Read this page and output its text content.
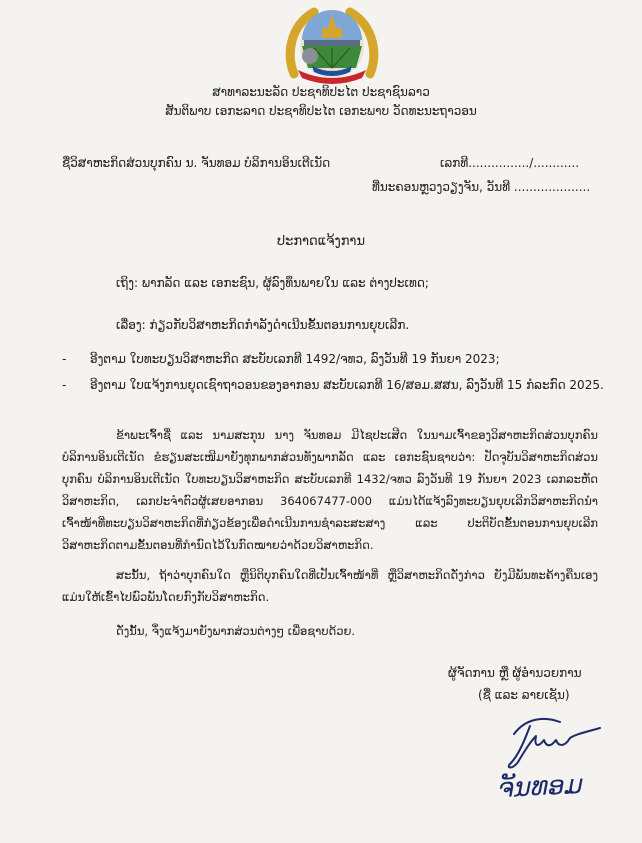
ສາທາລະນະລັດ ປະຊາທິປະໄຕ ປະຊາຊົນລາວ
ສັນຕິພາບ ເອກະລາດ ປະຊາທິປະໄຕ ເອກະພາບ ວັດທະນະຖາວອນ
ຊື່ວິສາຫະກິດສ່ວນບຸກຄົນ ນ. ຈັນທອມ ບໍລິການອິນເຕີເນັດ	ເລກທີ................/............
ທີ່ນະຄອນຫຼວງວຽງຈັນ, ວັນທີ ....................
ປະກາດແຈ້ງການ
ເຖິງ: ພາກລັດ ແລະ ເອກະຊົນ, ຜູ້ລົງທຶນພາຍໃນ ແລະ ຕ່າງປະເທດ;
ເລື່ອງ: ກ່ຽວກັບວິສາຫະກິດກຳລັງດຳເນີນຂັ້ນຕອນການຍຸບເລີກ.
- ອີງຕາມ ໃບທະບຽນວິສາຫະກິດ ສະບັບເລກທີ 1492/ຈທວ, ລົງວັນທີ 19 ກັນຍາ 2023;
- ອີງຕາມ ໃບແຈ້ງການຍຸດເຊົາຖາວອນຂອງອາກອນ ສະບັບເລກທີ 16/ສອມ.ສສນ, ລົງວັນທີ 15 ກໍລະກົດ 2025.
ຂ້າພະເຈົ້າຊື່ ແລະ ນາມສະກຸນ ນາງ ຈັນທອມ ມີໄຊປະເສີດ ໃນນາມເຈົ້າຂອງວິສາຫະກິດສ່ວນບຸກຄົນ ບໍລິການອິນເຕີເນັດ ຂໍຮຽນສະເໜີມາຍັງທຸກພາກສ່ວນທັງພາກລັດ ແລະ ເອກະຊົນຊາບວ່າ: ປັດຈຸບັນວິສາຫະກິດສ່ວນບຸກຄົນ ບໍລິການອິນເຕີເນັດ ໃບທະບຽນວິສາຫະກິດ ສະບັບເລກທີ 1432/ຈທວ ລົງວັນທີ 19 ກັນຍາ 2023 ເລກລະຫັດວິສາຫະກິດ, ເລກປະຈຳຕົວຜູ້ເສຍອາກອນ 364067477-000 ແມ່ນໄດ້ແຈ້ງລົງທະບຽນຍຸບເລີກວິສາຫະກິດນຳເຈົ້າໜ້າທີ່ທະບຽນວິສາຫະກິດທີ່ກ່ຽວຂ້ອງເພື່ອດຳເນີນການຊຳລະສະສາງ ແລະ ປະຕິບັດຂັ້ນຕອນການຍຸບເລີກວິສາຫະກິດຕາມຂັ້ນຕອນທີ່ກຳນົດໄວ້ໃນກົດໝາຍວ່າດ້ວຍວິສາຫະກິດ.
ສະນັ້ນ, ຖ້າວ່າບຸກຄົນໃດ ຫຼືນິຕິບຸກຄົນໃດທີ່ເປັນເຈົ້າໜ້າທີ່ ຫຼືວິສາຫະກິດດັ່ງກ່າວ ຍັງມີພັນທະຄ້າງຄືນເອງແມ່ນໃຫ້ເຂົ້າໄປພົວພັນໂດຍກົງກັບວິສາຫະກິດ.
ດັ່ງນັ້ນ, ຈຶ່ງແຈ້ງມາຍັງພາກສ່ວນຕ່າງໆ ເພື່ອຊາບດ້ວຍ.
ຜູ້ຈັດການ ຫຼື ຜູ້ອຳນວຍການ
(ຊື່ ແລະ ລາຍເຊັນ)
ຈັນທອມ
